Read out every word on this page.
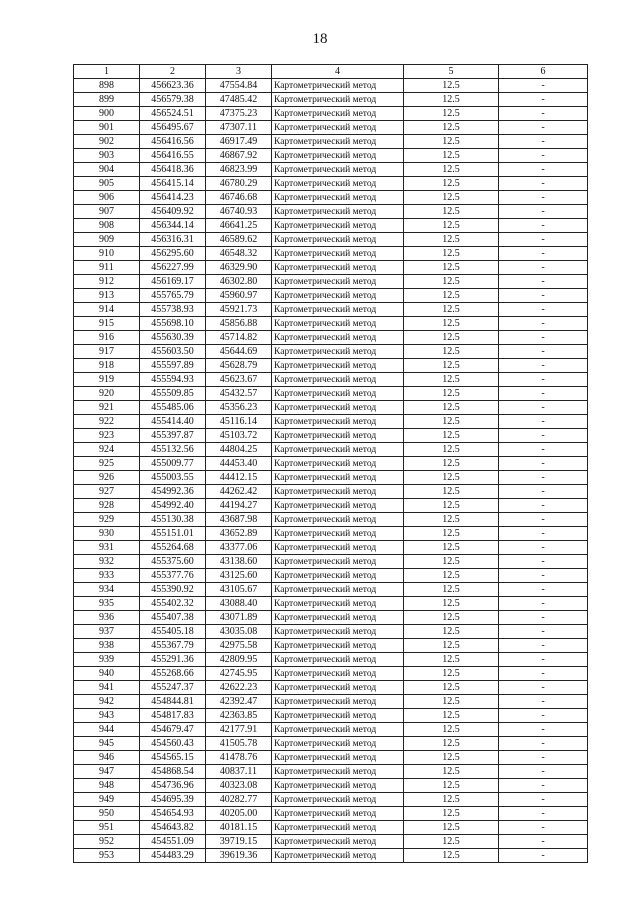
18
1	2	3	4	5	6
898	456623.36	47554.84	Картометрический метод	12.5	-
899	456579.38	47485.42	Картометрический метод	12.5	-
900	456524.51	47375.23	Картометрический метод	12.5	-
901	456495.67	47307.11	Картометрический метод	12.5	-
902	456416.56	46917.49	Картометрический метод	12.5	-
903	456416.55	46867.92	Картометрический метод	12.5	-
904	456418.36	46823.99	Картометрический метод	12.5	-
905	456415.14	46780.29	Картометрический метод	12.5	-
906	456414.23	46746.68	Картометрический метод	12.5	-
907	456409.92	46740.93	Картометрический метод	12.5	-
908	456344.14	46641.25	Картометрический метод	12.5	-
909	456316.31	46589.62	Картометрический метод	12.5	-
910	456295.60	46548.32	Картометрический метод	12.5	-
911	456227.99	46329.90	Картометрический метод	12.5	-
912	456169.17	46302.80	Картометрический метод	12.5	-
913	455765.79	45960.97	Картометрический метод	12.5	-
914	455738.93	45921.73	Картометрический метод	12.5	-
915	455698.10	45856.88	Картометрический метод	12.5	-
916	455630.39	45714.82	Картометрический метод	12.5	-
917	455603.50	45644.69	Картометрический метод	12.5	-
918	455597.89	45628.79	Картометрический метод	12.5	-
919	455594.93	45623.67	Картометрический метод	12.5	-
920	455509.85	45432.57	Картометрический метод	12.5	-
921	455485.06	45356.23	Картометрический метод	12.5	-
922	455414.40	45116.14	Картометрический метод	12.5	-
923	455397.87	45103.72	Картометрический метод	12.5	-
924	455132.56	44804.25	Картометрический метод	12.5	-
925	455009.77	44453.40	Картометрический метод	12.5	-
926	455003.55	44412.15	Картометрический метод	12.5	-
927	454992.36	44262.42	Картометрический метод	12.5	-
928	454992.40	44194.27	Картометрический метод	12.5	-
929	455130.38	43687.98	Картометрический метод	12.5	-
930	455151.01	43652.89	Картометрический метод	12.5	-
931	455264.68	43377.06	Картометрический метод	12.5	-
932	455375.60	43138.60	Картометрический метод	12.5	-
933	455377.76	43125.60	Картометрический метод	12.5	-
934	455390.92	43105.67	Картометрический метод	12.5	-
935	455402.32	43088.40	Картометрический метод	12.5	-
936	455407.38	43071.89	Картометрический метод	12.5	-
937	455405.18	43035.08	Картометрический метод	12.5	-
938	455367.79	42975.58	Картометрический метод	12.5	-
939	455291.36	42809.95	Картометрический метод	12.5	-
940	455268.66	42745.95	Картометрический метод	12.5	-
941	455247.37	42622.23	Картометрический метод	12.5	-
942	454844.81	42392.47	Картометрический метод	12.5	-
943	454817.83	42363.85	Картометрический метод	12.5	-
944	454679.47	42177.91	Картометрический метод	12.5	-
945	454560.43	41505.78	Картометрический метод	12.5	-
946	454565.15	41478.76	Картометрический метод	12.5	-
947	454868.54	40837.11	Картометрический метод	12.5	-
948	454736.96	40323.08	Картометрический метод	12.5	-
949	454695.39	40282.77	Картометрический метод	12.5	-
950	454654.93	40205.00	Картометрический метод	12.5	-
951	454643.82	40181.15	Картометрический метод	12.5	-
952	454551.09	39719.15	Картометрический метод	12.5	-
953	454483.29	39619.36	Картометрический метод	12.5	-
